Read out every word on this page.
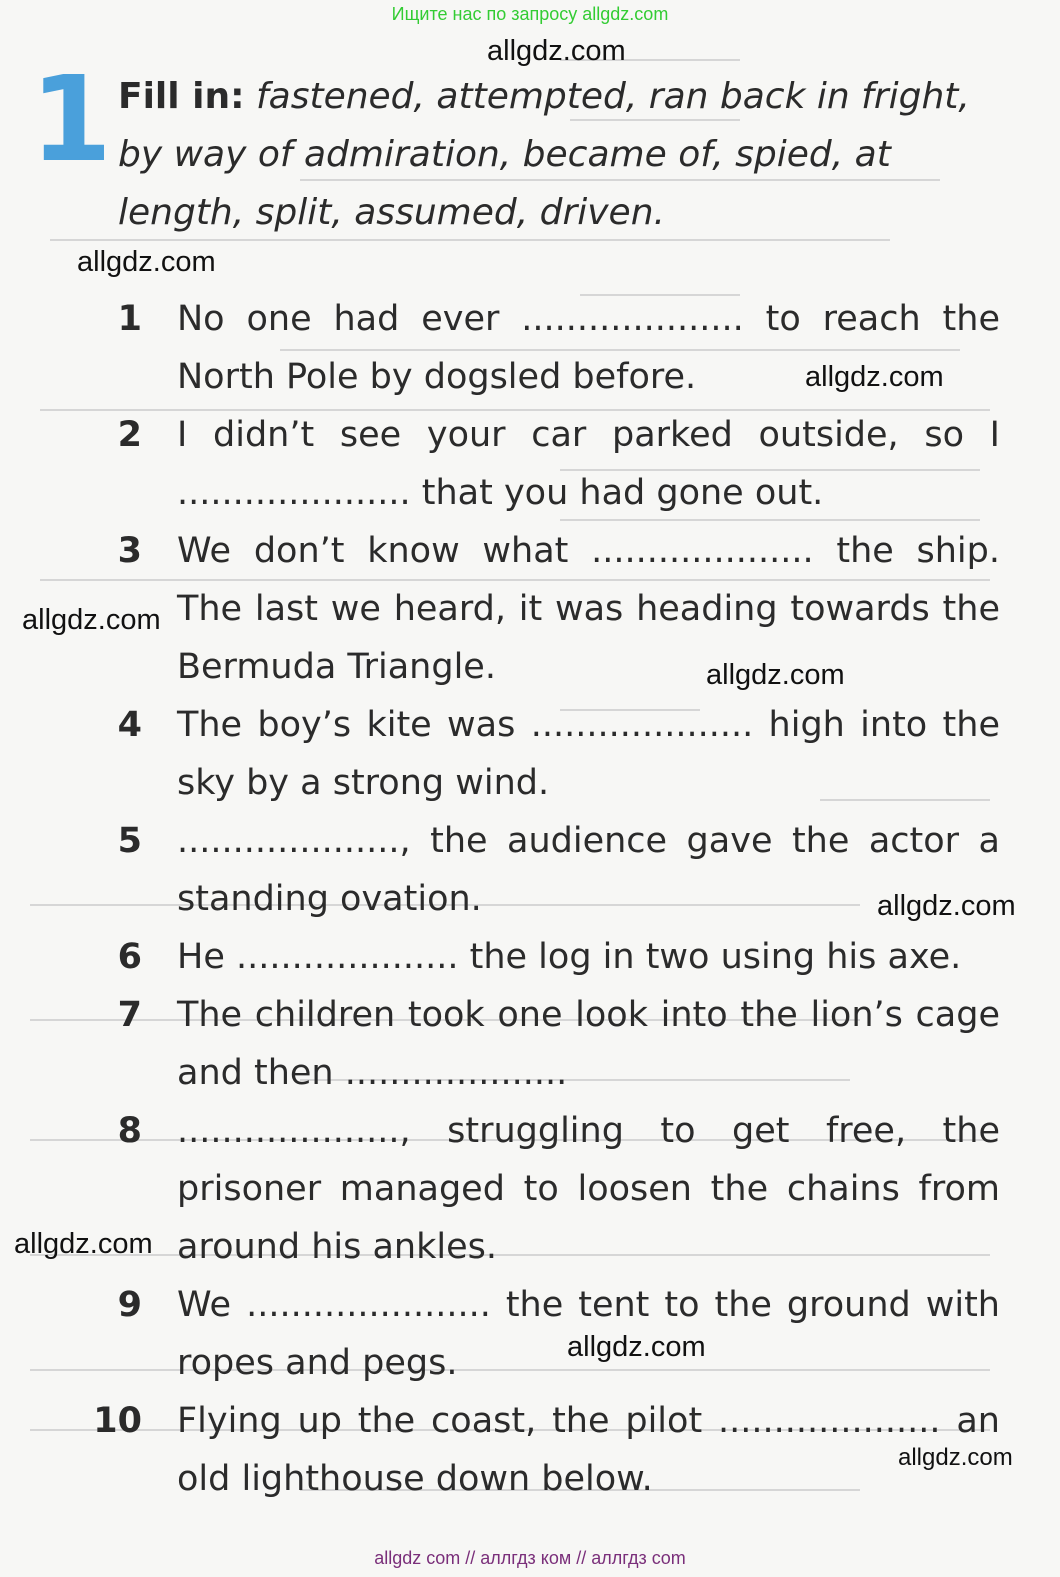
Ищите нас по запросу allgdz.com
1 Fill in: fastened, attempted, ran back in fright, by way of admiration, became of, spied, at length, split, assumed, driven.
1 No one had ever .................... to reach the North Pole by dogsled before.
2 I didn’t see your car parked outside, so I ..................... that you had gone out.
3 We don’t know what .................... the ship. The last we heard, it was heading towards the Bermuda Triangle.
4 The boy’s kite was .................... high into the sky by a strong wind.
5 ...................., the audience gave the actor a standing ovation.
6 He .................... the log in two using his axe.
7 The children took one look into the lion’s cage and then ....................
8 ...................., struggling to get free, the prisoner managed to loosen the chains from around his ankles.
9 We ...................... the tent to the ground with ropes and pegs.
10 Flying up the coast, the pilot .................... an old lighthouse down below.
allgdz.com
allgdz.com
allgdz.com
allgdz.com
allgdz.com
allgdz.com
allgdz.com
allgdz.com
allgdz.com
allgdz com // аллгдз ком // аллгдз com
